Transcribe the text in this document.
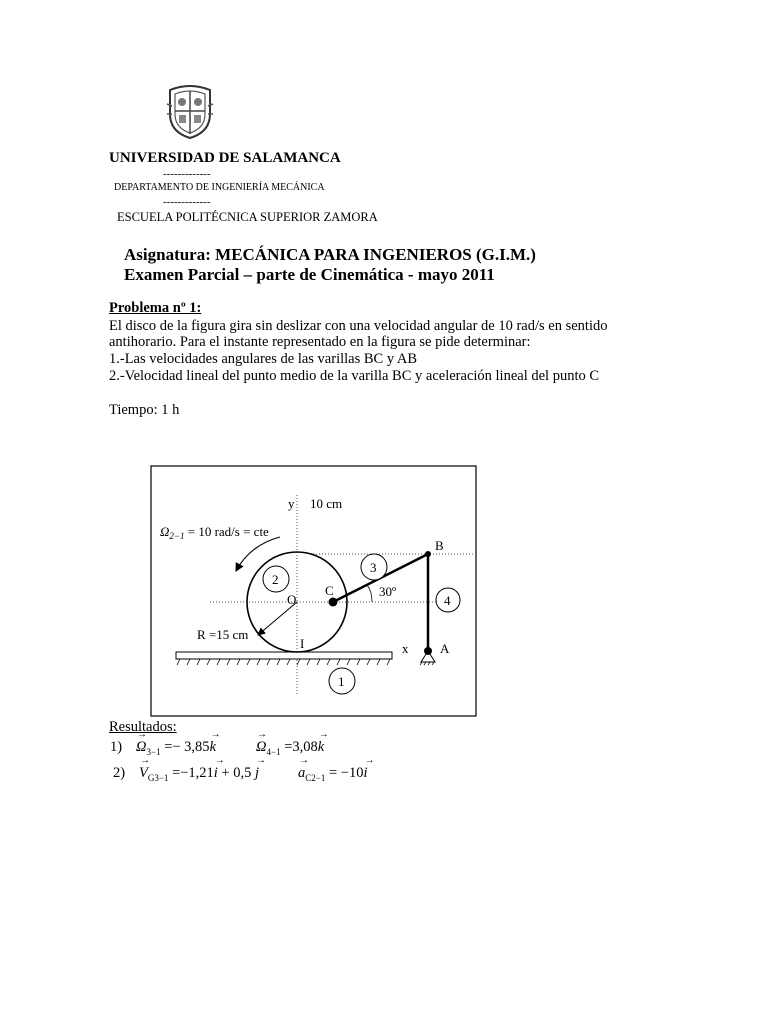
UNIVERSIDAD DE SALAMANCA
-------------
DEPARTAMENTO DE INGENIERÍA MECÁNICA
-------------
ESCUELA POLITÉCNICA SUPERIOR ZAMORA
Asignatura: MECÁNICA PARA INGENIEROS (G.I.M.)
Examen Parcial – parte de Cinemática - mayo 2011
Problema nº 1:
El disco de la figura gira sin deslizar con una velocidad angular de 10 rad/s en sentido
antihorario. Para el instante representado en la figura se pide determinar:
1.-Las velocidades angulares de las varillas BC y AB
2.-Velocidad lineal del punto medio de la varilla BC y aceleración lineal del punto C
Tiempo: 1 h
y 10 cm
$\Omega_{2-1} = 10$ rad/s = cte
2
O
C
3
30º
B
4
R =15 cm
I	x A
1
Resultados:
1)
→ $\Omega_{3-1} =- 3,85\to k$
→	$\Omega_{4-1} =3,08\to k$
2)
→ $V_{G3-1} =-1,21\to i + 0,5 \to j$
→	$a_{C2-1} = -10\to i$
